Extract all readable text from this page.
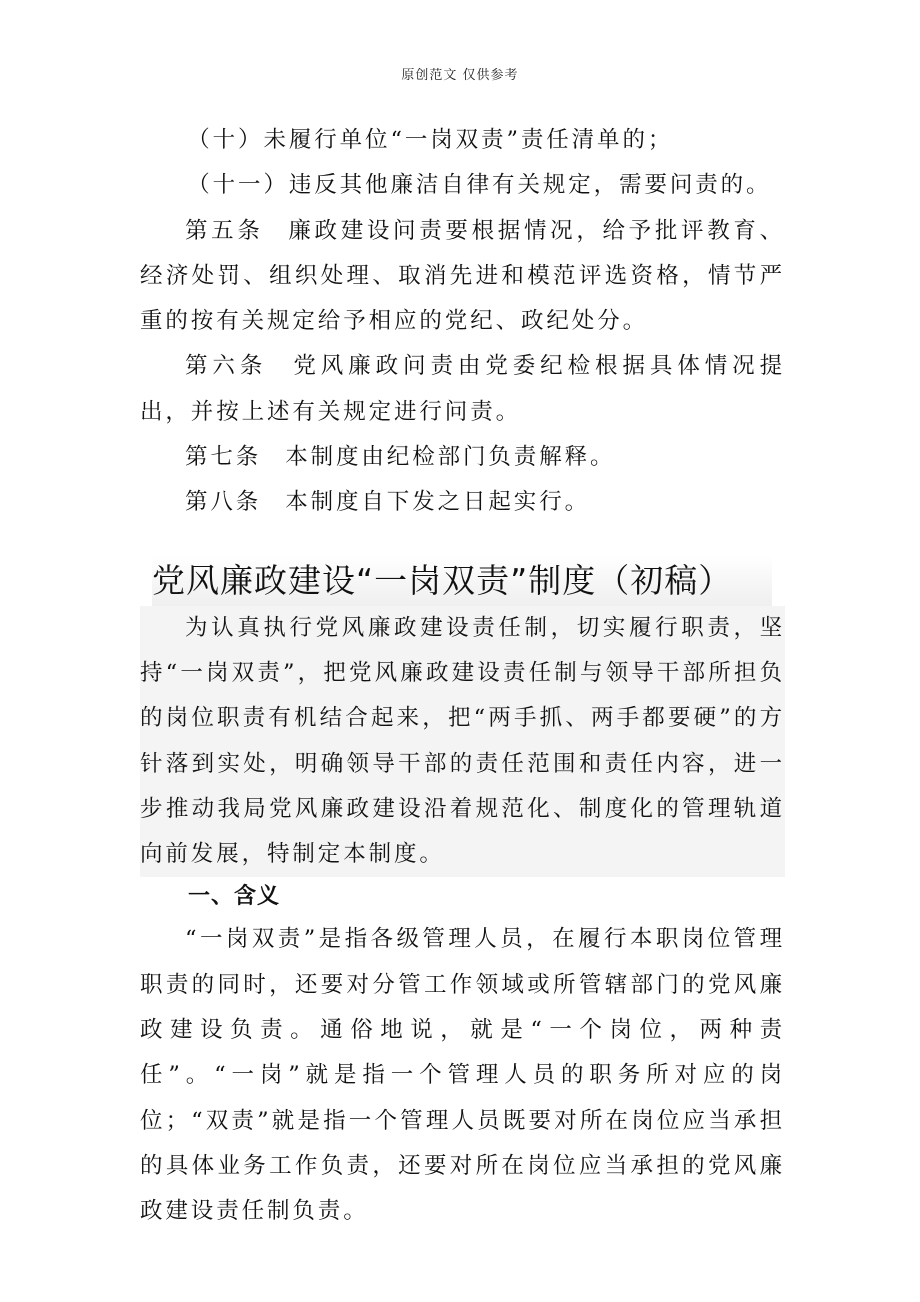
原创范文 仅供参考

（十）未履行单位“一岗双责”责任清单的；

（十一）违反其他廉洁自律有关规定，需要问责的。

第五条 廉政建设问责要根据情况，给予批评教育、经济处罚、组织处理、取消先进和模范评选资格，情节严重的按有关规定给予相应的党纪、政纪处分。

第六条 党风廉政问责由党委纪检根据具体情况提出，并按上述有关规定进行问责。

第七条 本制度由纪检部门负责解释。

第八条 本制度自下发之日起实行。

党风廉政建设“一岗双责”制度（初稿）

为认真执行党风廉政建设责任制，切实履行职责，坚持“一岗双责”，把党风廉政建设责任制与领导干部所担负的岗位职责有机结合起来，把“两手抓、两手都要硬”的方针落到实处，明确领导干部的责任范围和责任内容，进一步推动我局党风廉政建设沿着规范化、制度化的管理轨道向前发展，特制定本制度。

一、含义

“一岗双责”是指各级管理人员，在履行本职岗位管理职责的同时，还要对分管工作领域或所管辖部门的党风廉政建设负责。通俗地说，就是“一个岗位，两种责任”。“一岗”就是指一个管理人员的职务所对应的岗位；“双责”就是指一个管理人员既要对所在岗位应当承担的具体业务工作负责，还要对所在岗位应当承担的党风廉政建设责任制负责。
